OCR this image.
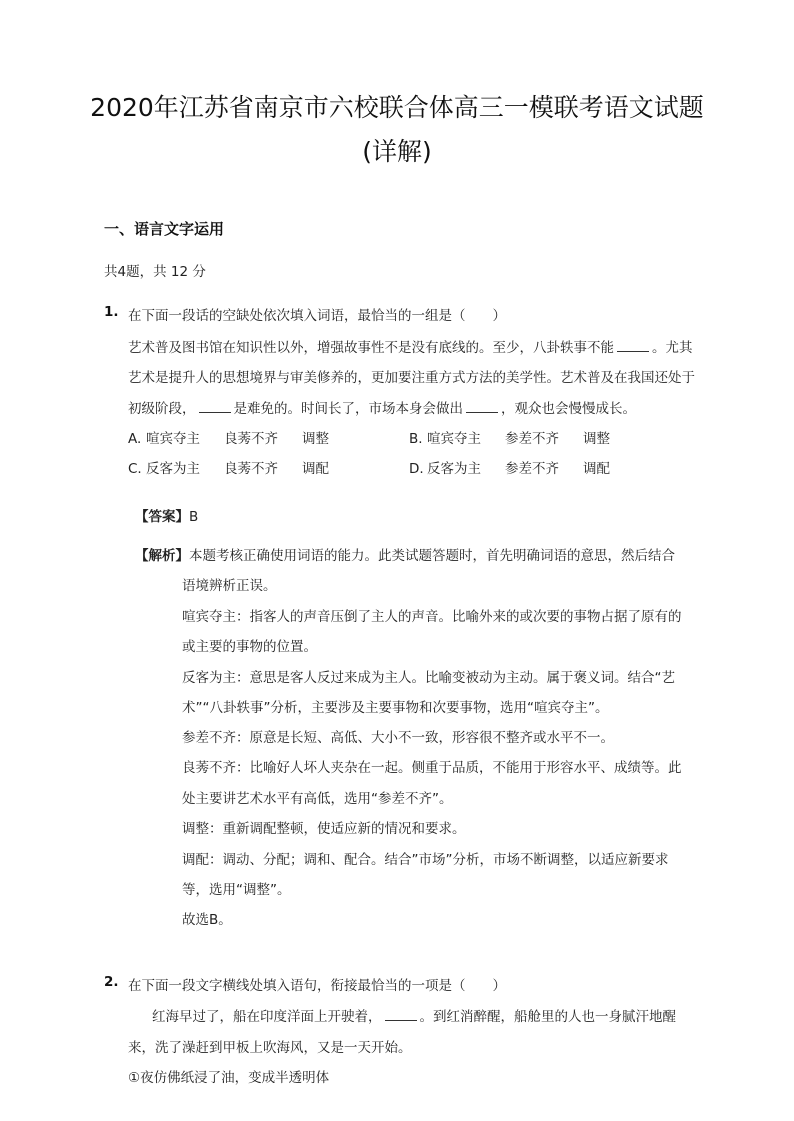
2020年江苏省南京市六校联合体高三一模联考语文试题
(详解)
一、语言文字运用
共4题，共 12 分
1. 在下面一段话的空缺处依次填入词语，最恰当的一组是（　　）
艺术普及图书馆在知识性以外，增强故事性不是没有底线的。至少，八卦轶事不能	。尤其
艺术是提升人的思想境界与审美修养的，更加要注重方式方法的美学性。艺术普及在我国还处于
初级阶段，	是难免的。时间长了，市场本身会做出	，观众也会慢慢成长。
A. 喧宾夺主 良莠不齐 调整	B. 喧宾夺主 参差不齐 调整
C. 反客为主 良莠不齐 调配	D. 反客为主 参差不齐 调配
【答案】B
【解析】本题考核正确使用词语的能力。此类试题答题时，首先明确词语的意思，然后结合
语境辨析正误。
喧宾夺主：指客人的声音压倒了主人的声音。比喻外来的或次要的事物占据了原有的
或主要的事物的位置。
反客为主：意思是客人反过来成为主人。比喻变被动为主动。属于褒义词。结合“艺
术”“八卦轶事”分析，主要涉及主要事物和次要事物，选用“喧宾夺主”。
参差不齐：原意是长短、高低、大小不一致，形容很不整齐或水平不一。
良莠不齐：比喻好人坏人夹杂在一起。侧重于品质，不能用于形容水平、成绩等。此
处主要讲艺术水平有高低，选用“参差不齐”。
调整：重新调配整顿，使适应新的情况和要求。
调配：调动、分配；调和、配合。结合”市场”分析，市场不断调整，以适应新要求
等，选用“调整”。
故选B。
2. 在下面一段文字横线处填入语句，衔接最恰当的一项是（　　）
红海早过了，船在印度洋面上开驶着，	。到红消醉醒，船舱里的人也一身腻汗地醒
来，洗了澡赶到甲板上吹海风，又是一天开始。
①夜仿佛纸浸了油，变成半透明体
